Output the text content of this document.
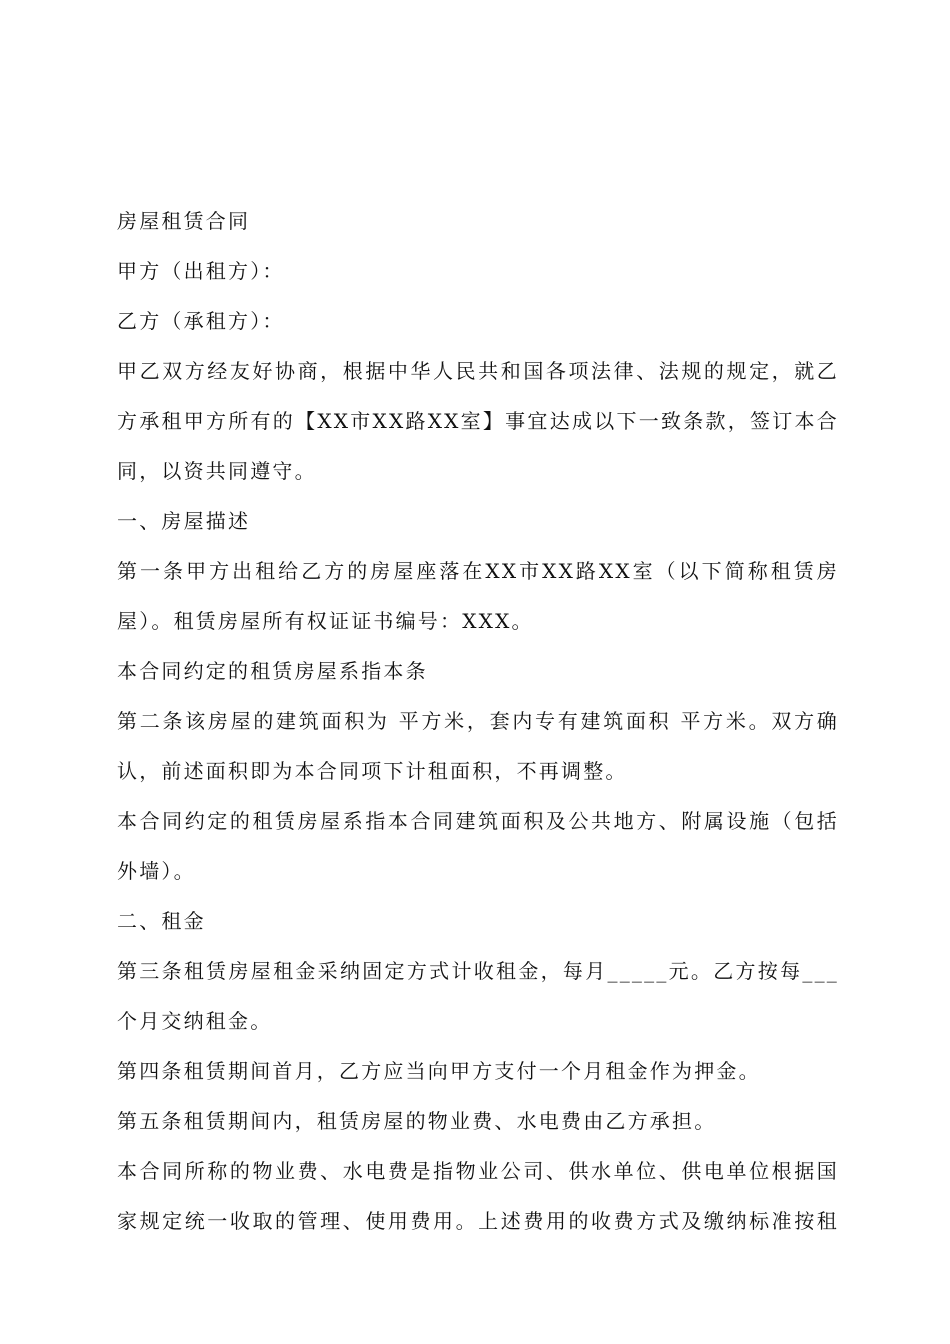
房屋租赁合同
甲方（出租方）：
乙方（承租方）：
甲乙双方经友好协商，根据中华人民共和国各项法律、法规的规定，就乙
方承租甲方所有的【XX市XX路XX室】事宜达成以下一致条款，签订本合
同，以资共同遵守。
一、房屋描述
第一条甲方出租给乙方的房屋座落在XX市XX路XX室（以下简称租赁房
屋）。租赁房屋所有权证证书编号：XXX。
本合同约定的租赁房屋系指本条
第二条该房屋的建筑面积为 平方米，套内专有建筑面积 平方米。双方确
认，前述面积即为本合同项下计租面积，不再调整。
本合同约定的租赁房屋系指本合同建筑面积及公共地方、附属设施（包括
外墙）。
二、租金
第三条租赁房屋租金采纳固定方式计收租金，每月_____元。乙方按每___
个月交纳租金。
第四条租赁期间首月，乙方应当向甲方支付一个月租金作为押金。
第五条租赁期间内，租赁房屋的物业费、水电费由乙方承担。
本合同所称的物业费、水电费是指物业公司、供水单位、供电单位根据国
家规定统一收取的管理、使用费用。上述费用的收费方式及缴纳标准按租
